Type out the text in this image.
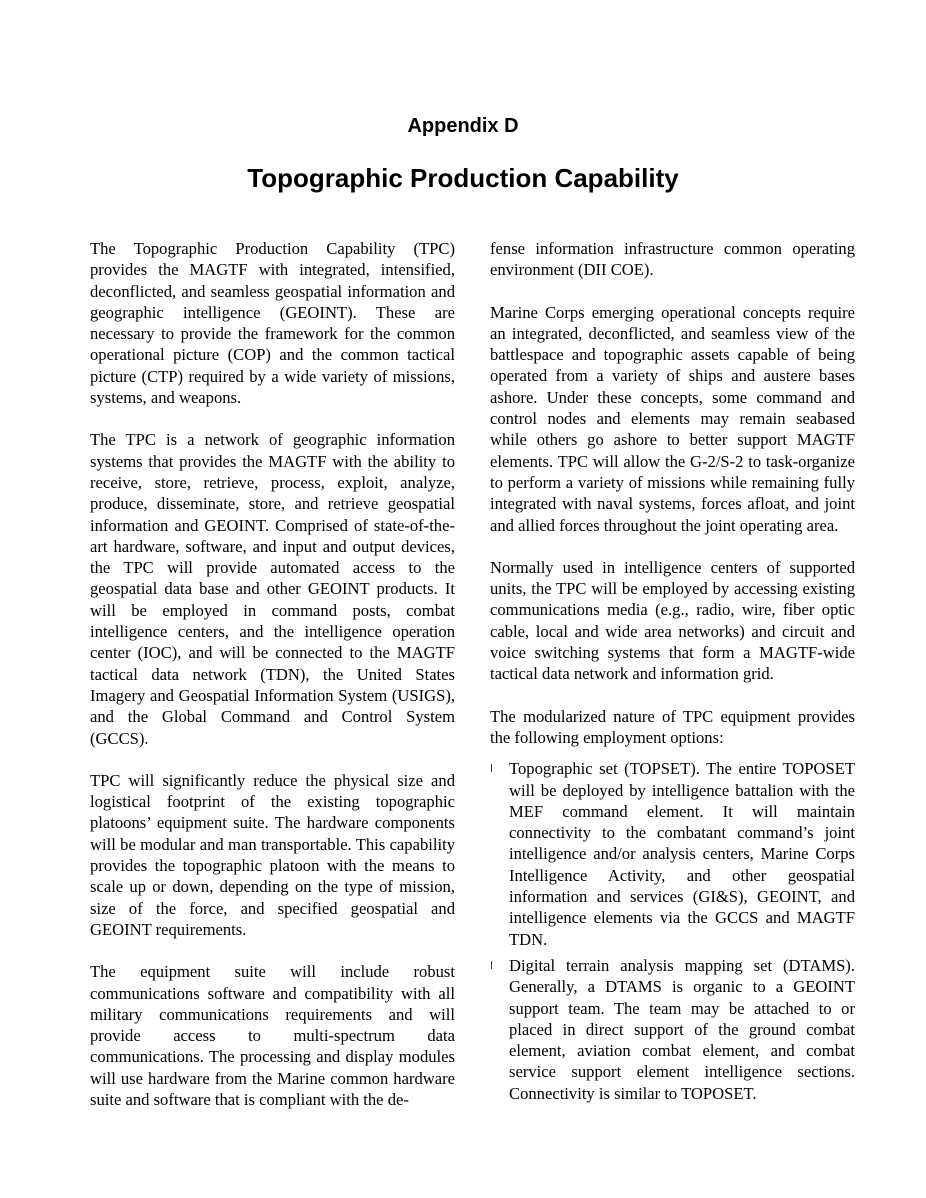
Appendix D
Topographic Production Capability

The Topographic Production Capability (TPC) provides the MAGTF with integrated, intensified, deconflicted, and seamless geospatial information and geographic intelligence (GEOINT). These are necessary to provide the framework for the common operational picture (COP) and the common tactical picture (CTP) required by a wide variety of missions, systems, and weapons.

The TPC is a network of geographic information systems that provides the MAGTF with the ability to receive, store, retrieve, process, exploit, analyze, produce, disseminate, store, and retrieve geospatial information and GEOINT. Comprised of state-of-the-art hardware, software, and input and output devices, the TPC will provide automated access to the geospatial data base and other GEOINT products. It will be employed in command posts, combat intelligence centers, and the intelligence operation center (IOC), and will be connected to the MAGTF tactical data network (TDN), the United States Imagery and Geospatial Information System (USIGS), and the Global Command and Control System (GCCS).

TPC will significantly reduce the physical size and logistical footprint of the existing topographic platoons’ equipment suite. The hardware components will be modular and man transportable. This capability provides the topographic platoon with the means to scale up or down, depending on the type of mission, size of the force, and specified geospatial and GEOINT requirements.

The equipment suite will include robust communications software and compatibility with all military communications requirements and will provide access to multi-spectrum data communications. The processing and display modules will use hardware from the Marine common hardware suite and software that is compliant with the de-

fense information infrastructure common operating environment (DII COE).

Marine Corps emerging operational concepts require an integrated, deconflicted, and seamless view of the battlespace and topographic assets capable of being operated from a variety of ships and austere bases ashore. Under these concepts, some command and control nodes and elements may remain seabased while others go ashore to better support MAGTF elements. TPC will allow the G-2/S-2 to task-organize to perform a variety of missions while remaining fully integrated with naval systems, forces afloat, and joint and allied forces throughout the joint operating area.

Normally used in intelligence centers of supported units, the TPC will be employed by accessing existing communications media (e.g., radio, wire, fiber optic cable, local and wide area networks) and circuit and voice switching systems that form a MAGTF-wide tactical data network and information grid.

The modularized nature of TPC equipment provides the following employment options:

l Topographic set (TOPSET). The entire TOPOSET will be deployed by intelligence battalion with the MEF command element. It will maintain connectivity to the combatant command’s joint intelligence and/or analysis centers, Marine Corps Intelligence Activity, and other geospatial information and services (GI&S), GEOINT, and intelligence elements via the GCCS and MAGTF TDN.
l Digital terrain analysis mapping set (DTAMS). Generally, a DTAMS is organic to a GEOINT support team. The team may be attached to or placed in direct support of the ground combat element, aviation combat element, and combat service support element intelligence sections. Connectivity is similar to TOPOSET.
